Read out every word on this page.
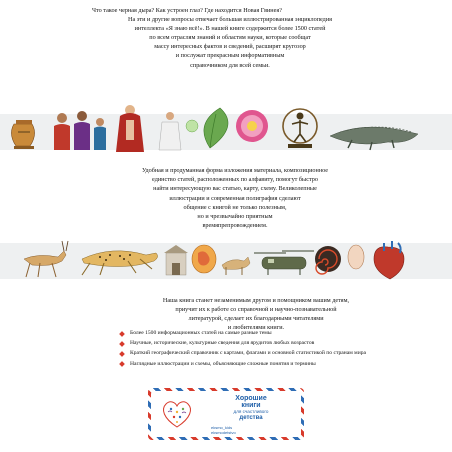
Что такое черная дыра? Как устроен глаз? Где находится Новая Гвинея?
На эти и другие вопросы отвечает большая иллюстрированная энциклопедия
интеллекта «Я знаю всё!». В нашей книге содержится более 1500 статей
по всем отраслям знаний и областям науки, которые сообщат
массу интересных фактов и сведений, расширят кругозор
и послужат прекрасным информативным
справочником для всей семьи.
Удобная и продуманная форма изложения материала, композиционное
единство статей, расположенных по алфавиту, помогут быстро
найти интересующую вас статью, карту, схему. Великолепные
иллюстрации и современная полиграфия сделают
общение с книгой не только полезным,
но и чрезвычайно приятным
времяпрепровождением.
Наша книга станет незаменимым другом и помощником вашим детям,
приучит их к работе со справочной и научно-познавательной
литературой, сделает их благодарными читателями
и любителями книги.
Более 1500 информационных статей на самые разные темы
Научные, исторические, культурные сведения для ярудитов любых возрастов
Краткий географический справочник с картами, флагами и основной статистикой по странам мира
Наглядные иллюстрации и схемы, объясняющие сложные понятия и термины
Хорошие
книги
для счастливого
детства
eksmo_kids
eksmodetstvo
